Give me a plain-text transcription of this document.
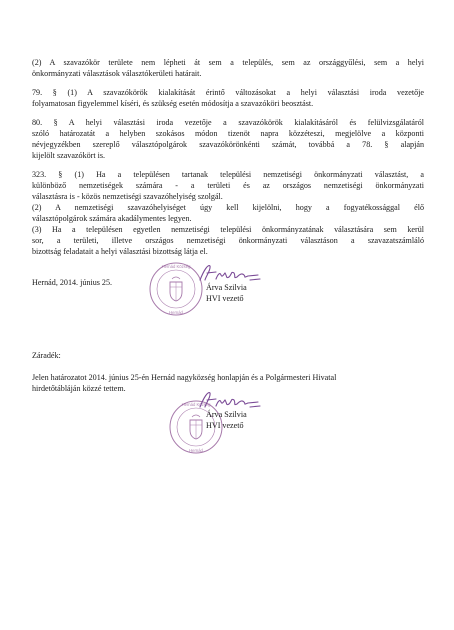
(2) A szavazókör területe nem lépheti át sem a település, sem az országgyűlési, sem a helyi
önkormányzati választások választókerületi határait.
79. § (1) A szavazókörök kialakítását érintő változásokat a helyi választási iroda vezetője
folyamatosan figyelemmel kíséri, és szükség esetén módosítja a szavazóköri beosztást.
80. § A helyi választási iroda vezetője a szavazókörök kialakításáról és felülvizsgálatáról
szóló határozatát a helyben szokásos módon tizenöt napra közzéteszi, megjelölve a központi
névjegyzékben szereplő választópolgárok szavazókörönkénti számát, továbbá a 78. § alapján
kijelölt szavazókört is.
323. § (1) Ha a településen tartanak települési nemzetiségi önkormányzati választást, a
különböző nemzetiségek számára - a területi és az országos nemzetiségi önkormányzati
választásra is - közös nemzetiségi szavazóhelyiség szolgál.
(2) A nemzetiségi szavazóhelyiséget úgy kell kijelölni, hogy a fogyatékossággal élő
választópolgárok számára akadálymentes legyen.
(3) Ha a településen egyetlen nemzetiségi települési önkormányzatának választására sem kerül
sor, a területi, illetve országos nemzetiségi önkormányzati választáson a szavazatszámláló
bizottság feladatait a helyi választási bizottság látja el.
Hernád, 2014. június 25.
Hernád Község
Hernád
Árva Szilvia
HVI vezető
Záradék:
Jelen határozatot 2014. június 25-én Hernád nagyközség honlapján és a Polgármesteri Hivatal
hirdetőtábláján közzé tettem.
Hernád Község
Hernád
Árva Szilvia
HVI vezető
